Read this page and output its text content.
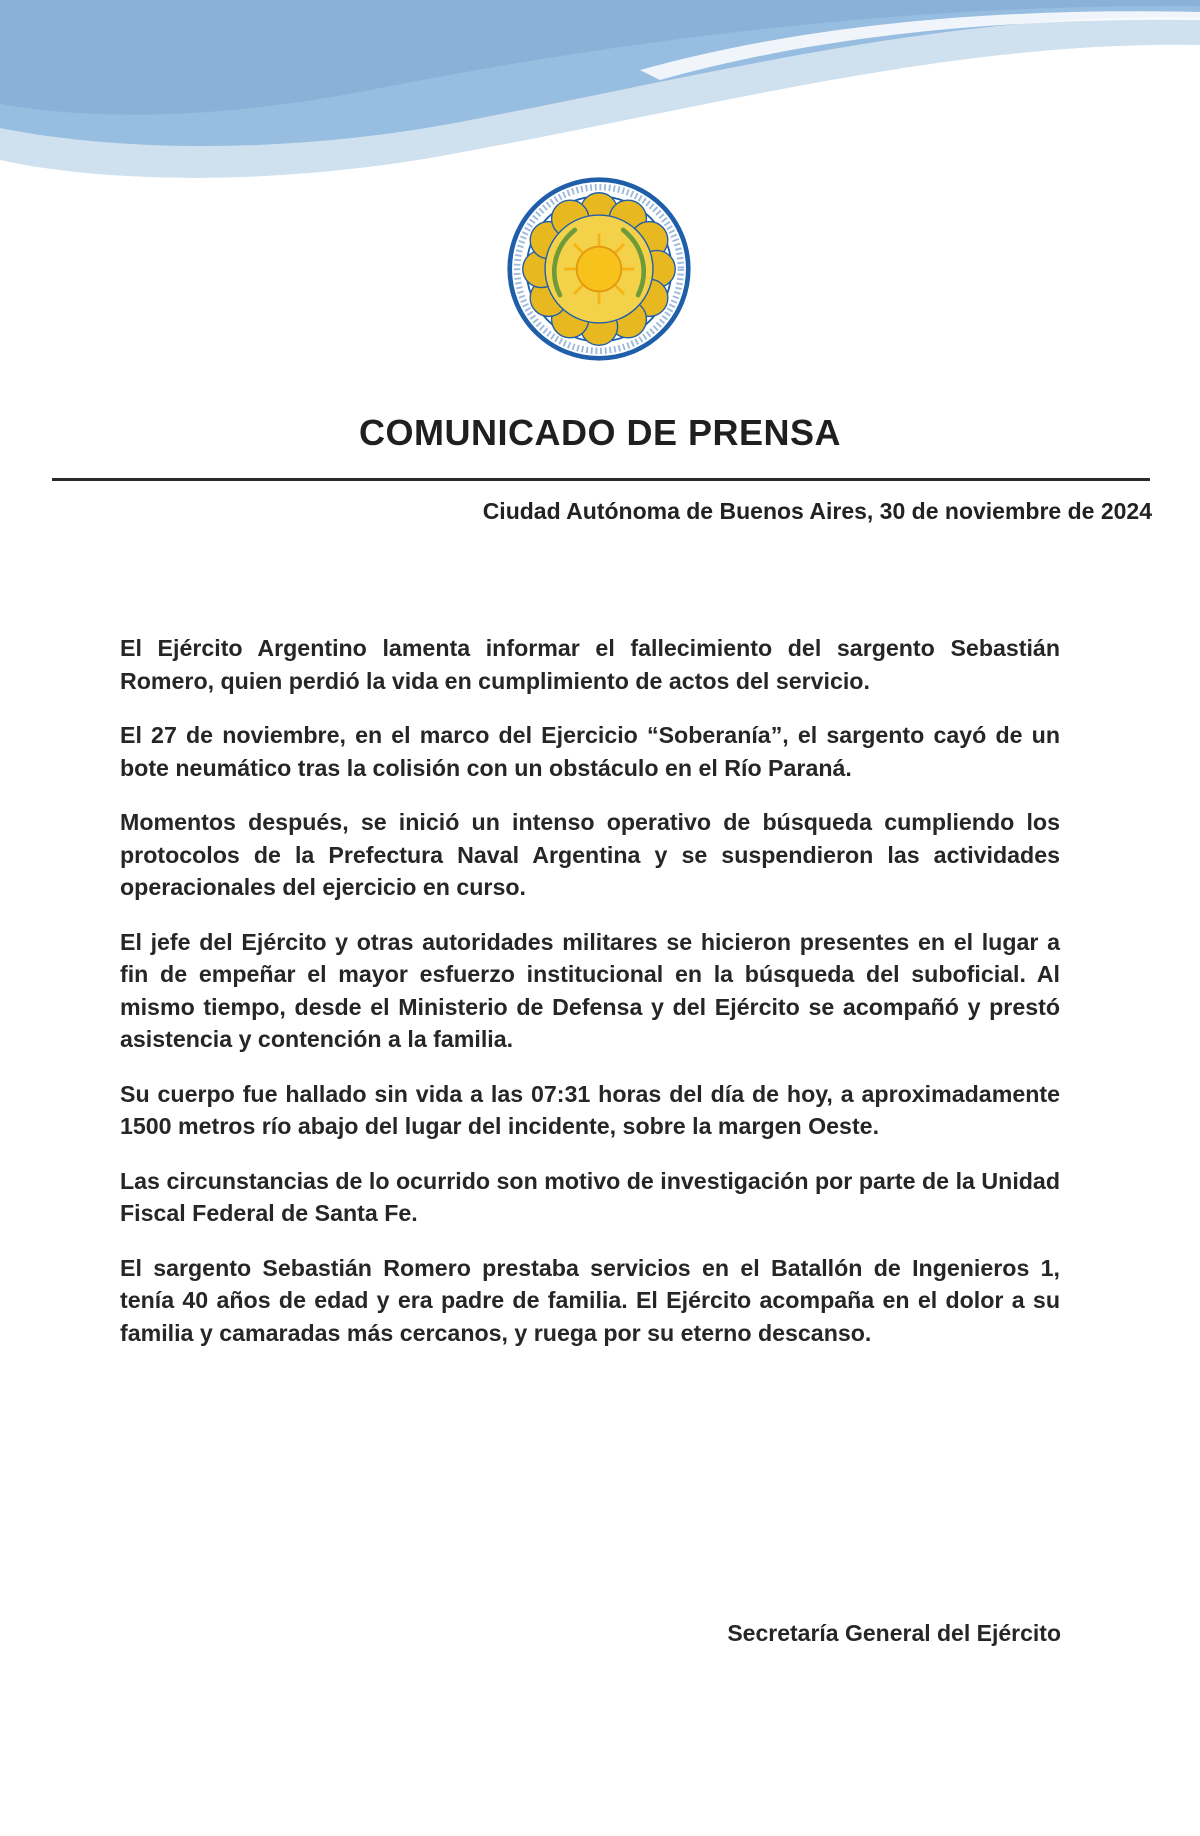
COMUNICADO DE PRENSA
Ciudad Autónoma de Buenos Aires, 30 de noviembre de 2024

El Ejército Argentino lamenta informar el fallecimiento del sargento Sebastián Romero, quien perdió la vida en cumplimiento de actos del servicio.

El 27 de noviembre, en el marco del Ejercicio “Soberanía”, el sargento cayó de un bote neumático tras la colisión con un obstáculo en el Río Paraná.

Momentos después, se inició un intenso operativo de búsqueda cumpliendo los protocolos de la Prefectura Naval Argentina y se suspendieron las actividades operacionales del ejercicio en curso.

El jefe del Ejército y otras autoridades militares se hicieron presentes en el lugar a fin de empeñar el mayor esfuerzo institucional en la búsqueda del suboficial. Al mismo tiempo, desde el Ministerio de Defensa y del Ejército se acompañó y prestó asistencia y contención a la familia.

Su cuerpo fue hallado sin vida a las 07:31 horas del día de hoy, a aproximadamente 1500 metros río abajo del lugar del incidente, sobre la margen Oeste.

Las circunstancias de lo ocurrido son motivo de investigación por parte de la Unidad Fiscal Federal de Santa Fe.

El sargento Sebastián Romero prestaba servicios en el Batallón de Ingenieros 1, tenía 40 años de edad y era padre de familia. El Ejército acompaña en el dolor a su familia y camaradas más cercanos, y ruega por su eterno descanso.

Secretaría General del Ejército
